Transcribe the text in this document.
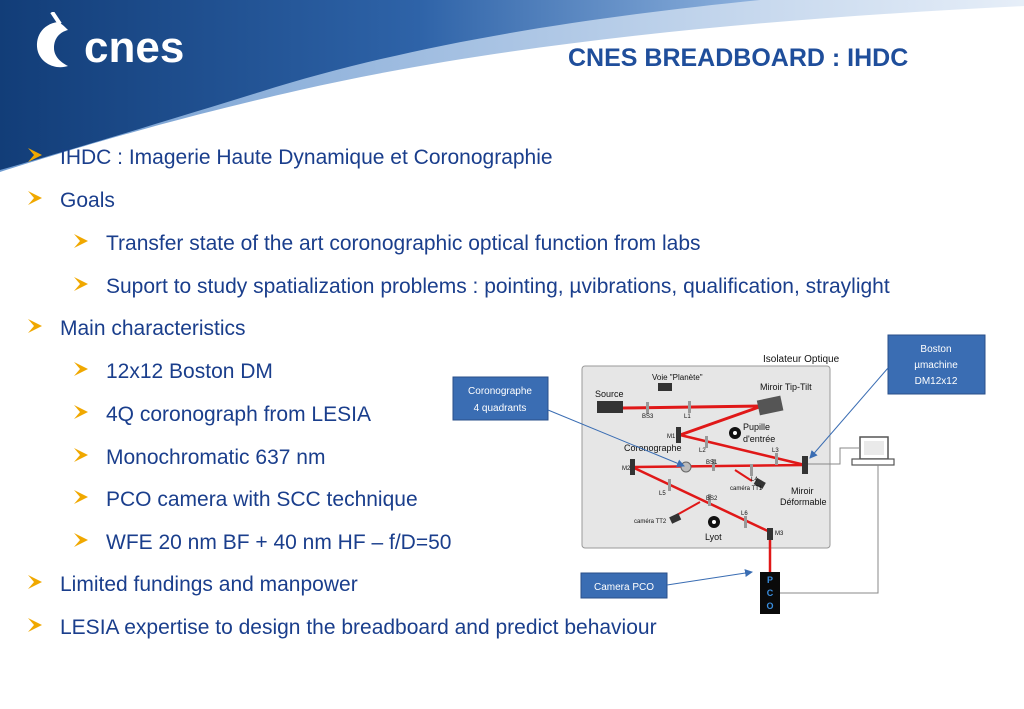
cnes	CNES BREADBOARD : IHDC
IHDC : Imagerie Haute Dynamique et Coronographie
Goals
Transfer state of the art coronographic optical function from labs
Suport to study spatialization problems : pointing, µvibrations, qualification, straylight
Main characteristics
12x12 Boston DM
4Q coronograph from LESIA
Monochromatic 637 nm
PCO camera with SCC technique
WFE 20 nm BF + 40 nm HF – f/D=50
Limited fundings and manpower
LESIA expertise to design the breadboard and predict behaviour
Isolateur Optique
Voie "Planète"
Source
Miroir Tip-Tilt
Pupille
d'entrée
Coronographe
Miroir
Déformable
caméra TT1
caméra TT2
Lyot
BS3	L1
M1
L2	L3
BS1
M2
L4
L5
BS2
L6
M3
Boston
µmachine
DM12x12
Coronographe
4 quadrants
Camera PCO
P
C
O
